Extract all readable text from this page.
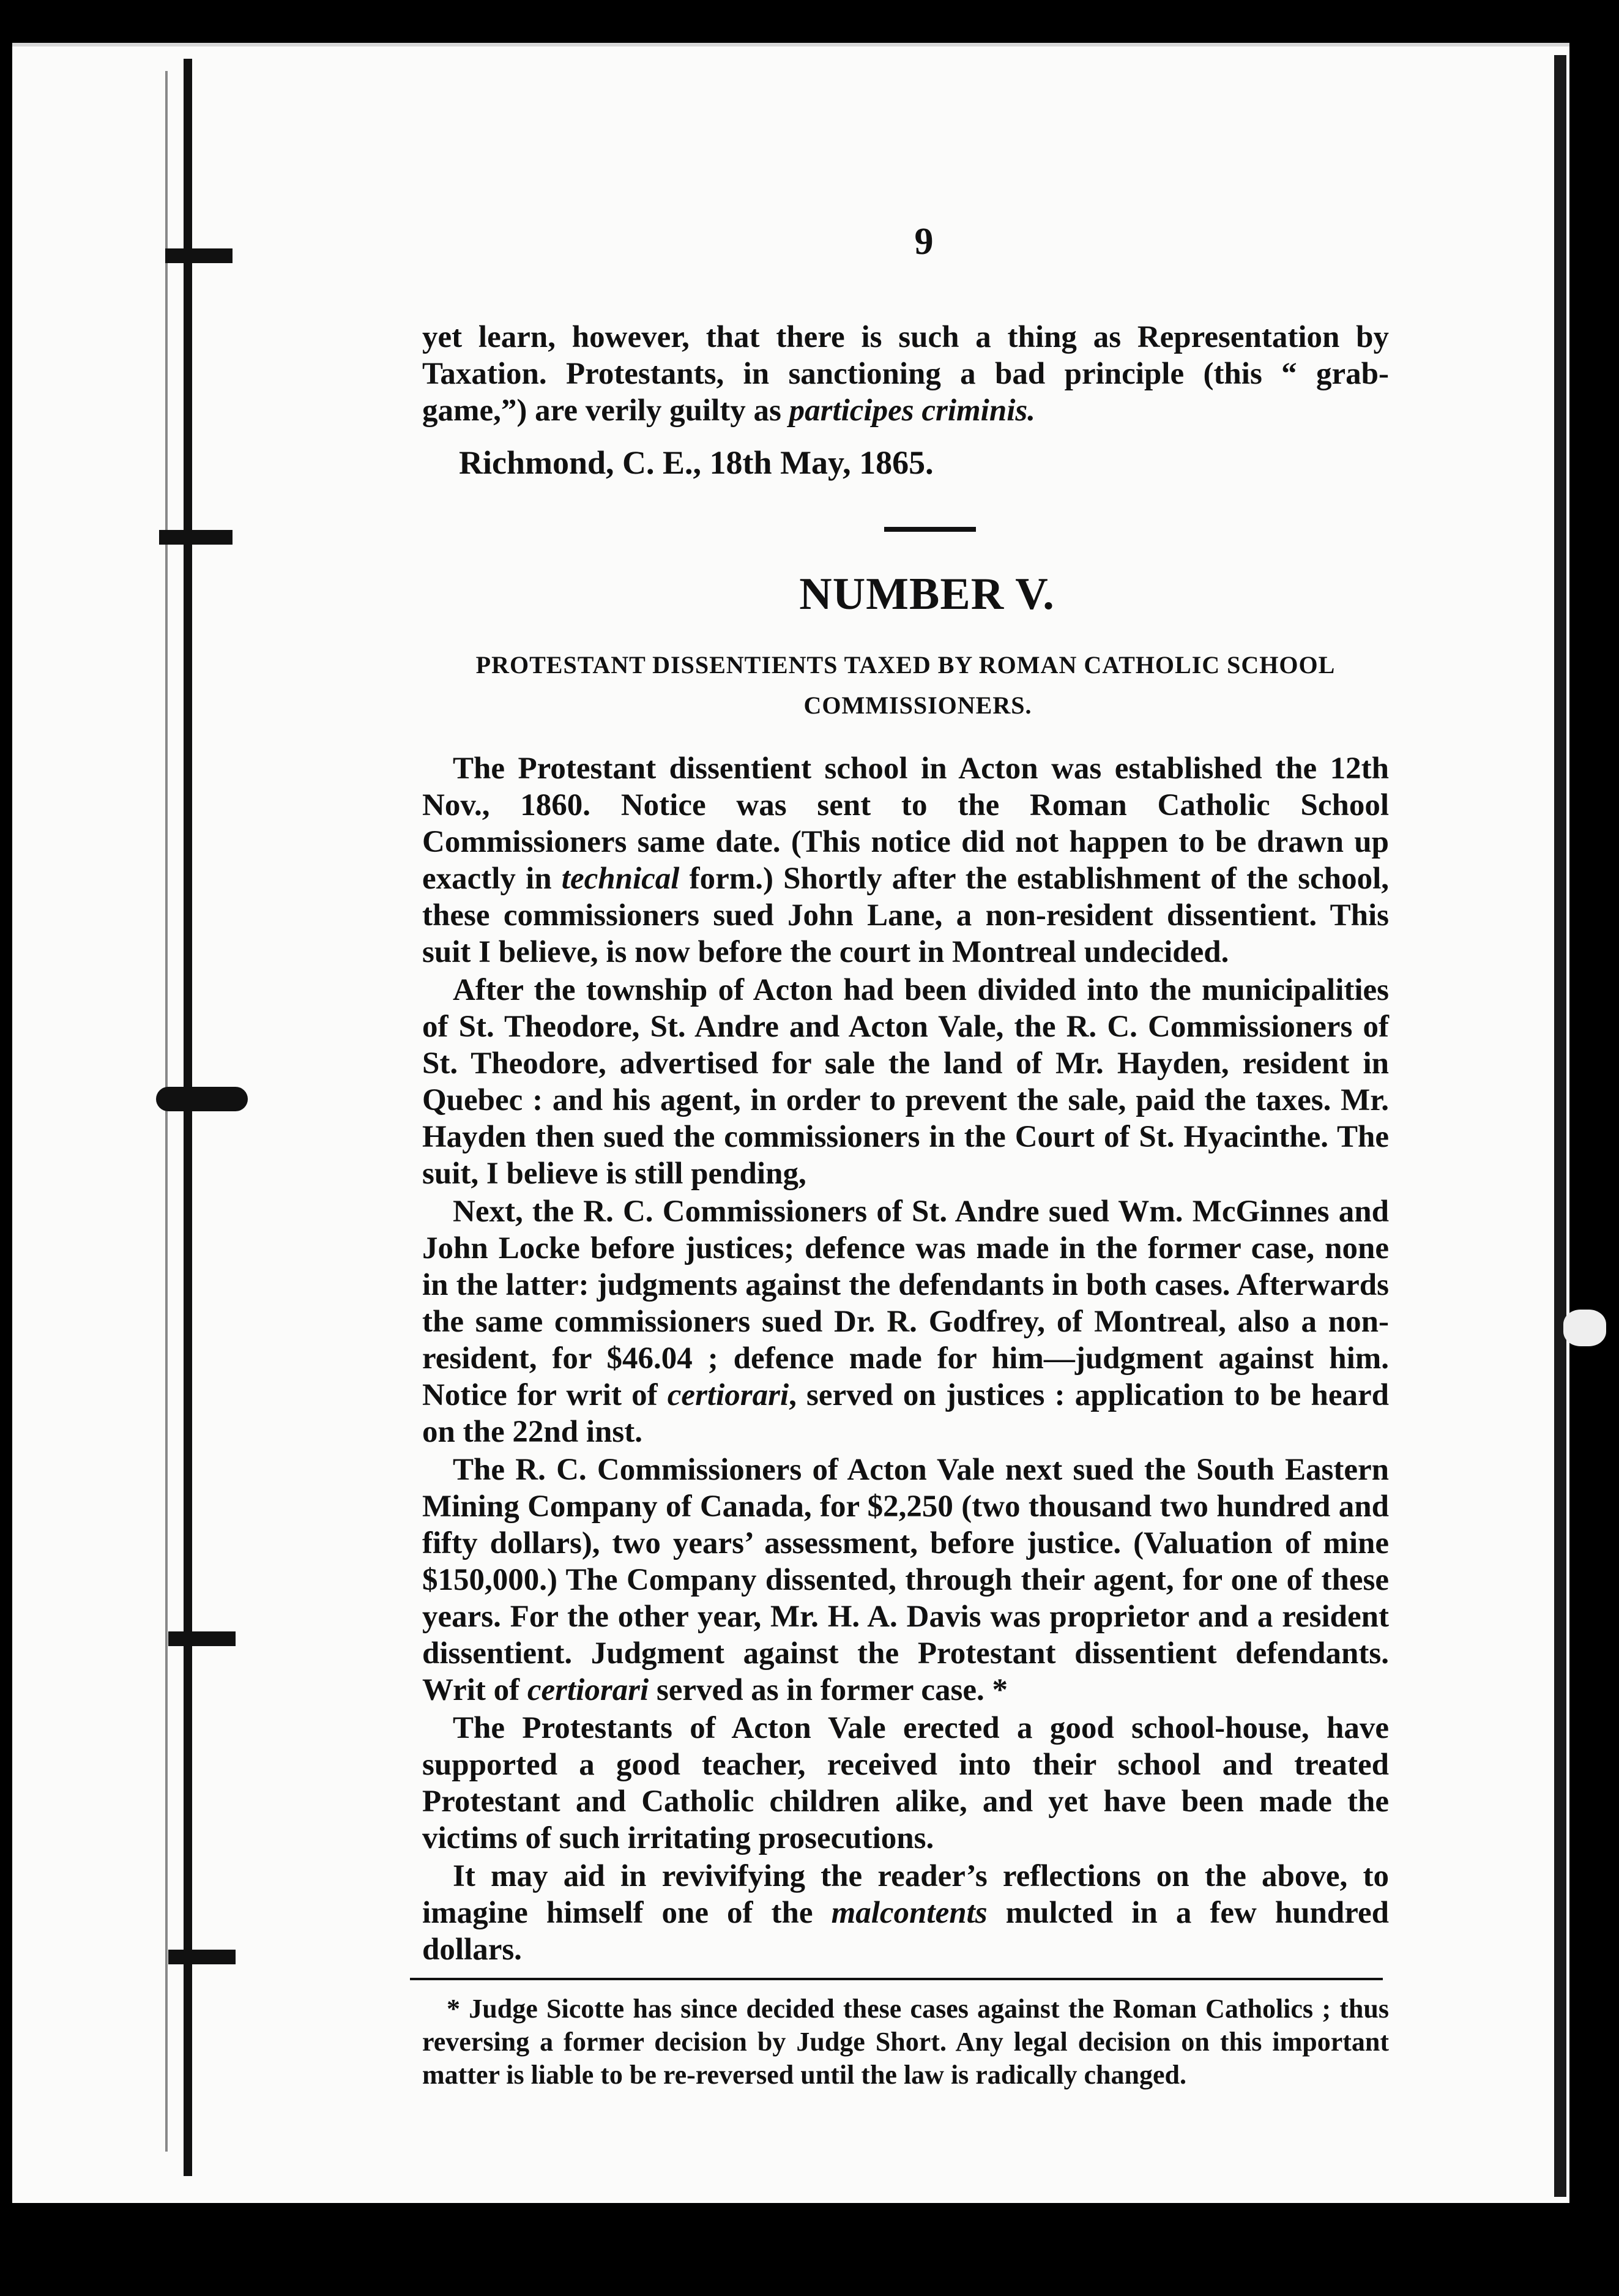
9

yet learn, however, that there is such a thing as Representation by Taxation. Protestants, in sanctioning a bad principle (this “ grab-game,”) are verily guilty as participes criminis.

Richmond, C. E., 18th May, 1865.

NUMBER V.
PROTESTANT DISSENTIENTS TAXED BY ROMAN CATHOLIC SCHOOL
COMMISSIONERS.

The Protestant dissentient school in Acton was established the 12th Nov., 1860. Notice was sent to the Roman Catholic School Commissioners same date. (This notice did not happen to be drawn up exactly in technical form.) Shortly after the establishment of the school, these commissioners sued John Lane, a non-resident dissentient. This suit I believe, is now before the court in Montreal undecided.

After the township of Acton had been divided into the municipalities of St. Theodore, St. Andre and Acton Vale, the R. C. Commissioners of St. Theodore, advertised for sale the land of Mr. Hayden, resident in Quebec : and his agent, in order to prevent the sale, paid the taxes. Mr. Hayden then sued the commissioners in the Court of St. Hyacinthe. The suit, I believe is still pending,

Next, the R. C. Commissioners of St. Andre sued Wm. McGinnes and John Locke before justices; defence was made in the former case, none in the latter: judgments against the defendants in both cases. Afterwards the same commissioners sued Dr. R. Godfrey, of Montreal, also a non-resident, for $46.04 ; defence made for him—judgment against him. Notice for writ of certiorari, served on justices : application to be heard on the 22nd inst.

The R. C. Commissioners of Acton Vale next sued the South Eastern Mining Company of Canada, for $2,250 (two thousand two hundred and fifty dollars), two years’ assessment, before justice. (Valuation of mine $150,000.) The Company dissented, through their agent, for one of these years. For the other year, Mr. H. A. Davis was proprietor and a resident dissentient. Judgment against the Protestant dissentient defendants. Writ of certiorari served as in former case. *

The Protestants of Acton Vale erected a good school-house, have supported a good teacher, received into their school and treated Protestant and Catholic children alike, and yet have been made the victims of such irritating prosecutions.

It may aid in revivifying the reader’s reflections on the above, to imagine himself one of the malcontents mulcted in a few hundred dollars.

* Judge Sicotte has since decided these cases against the Roman Catholics ; thus reversing a former decision by Judge Short. Any legal decision on this important matter is liable to be re-reversed until the law is radically changed.
